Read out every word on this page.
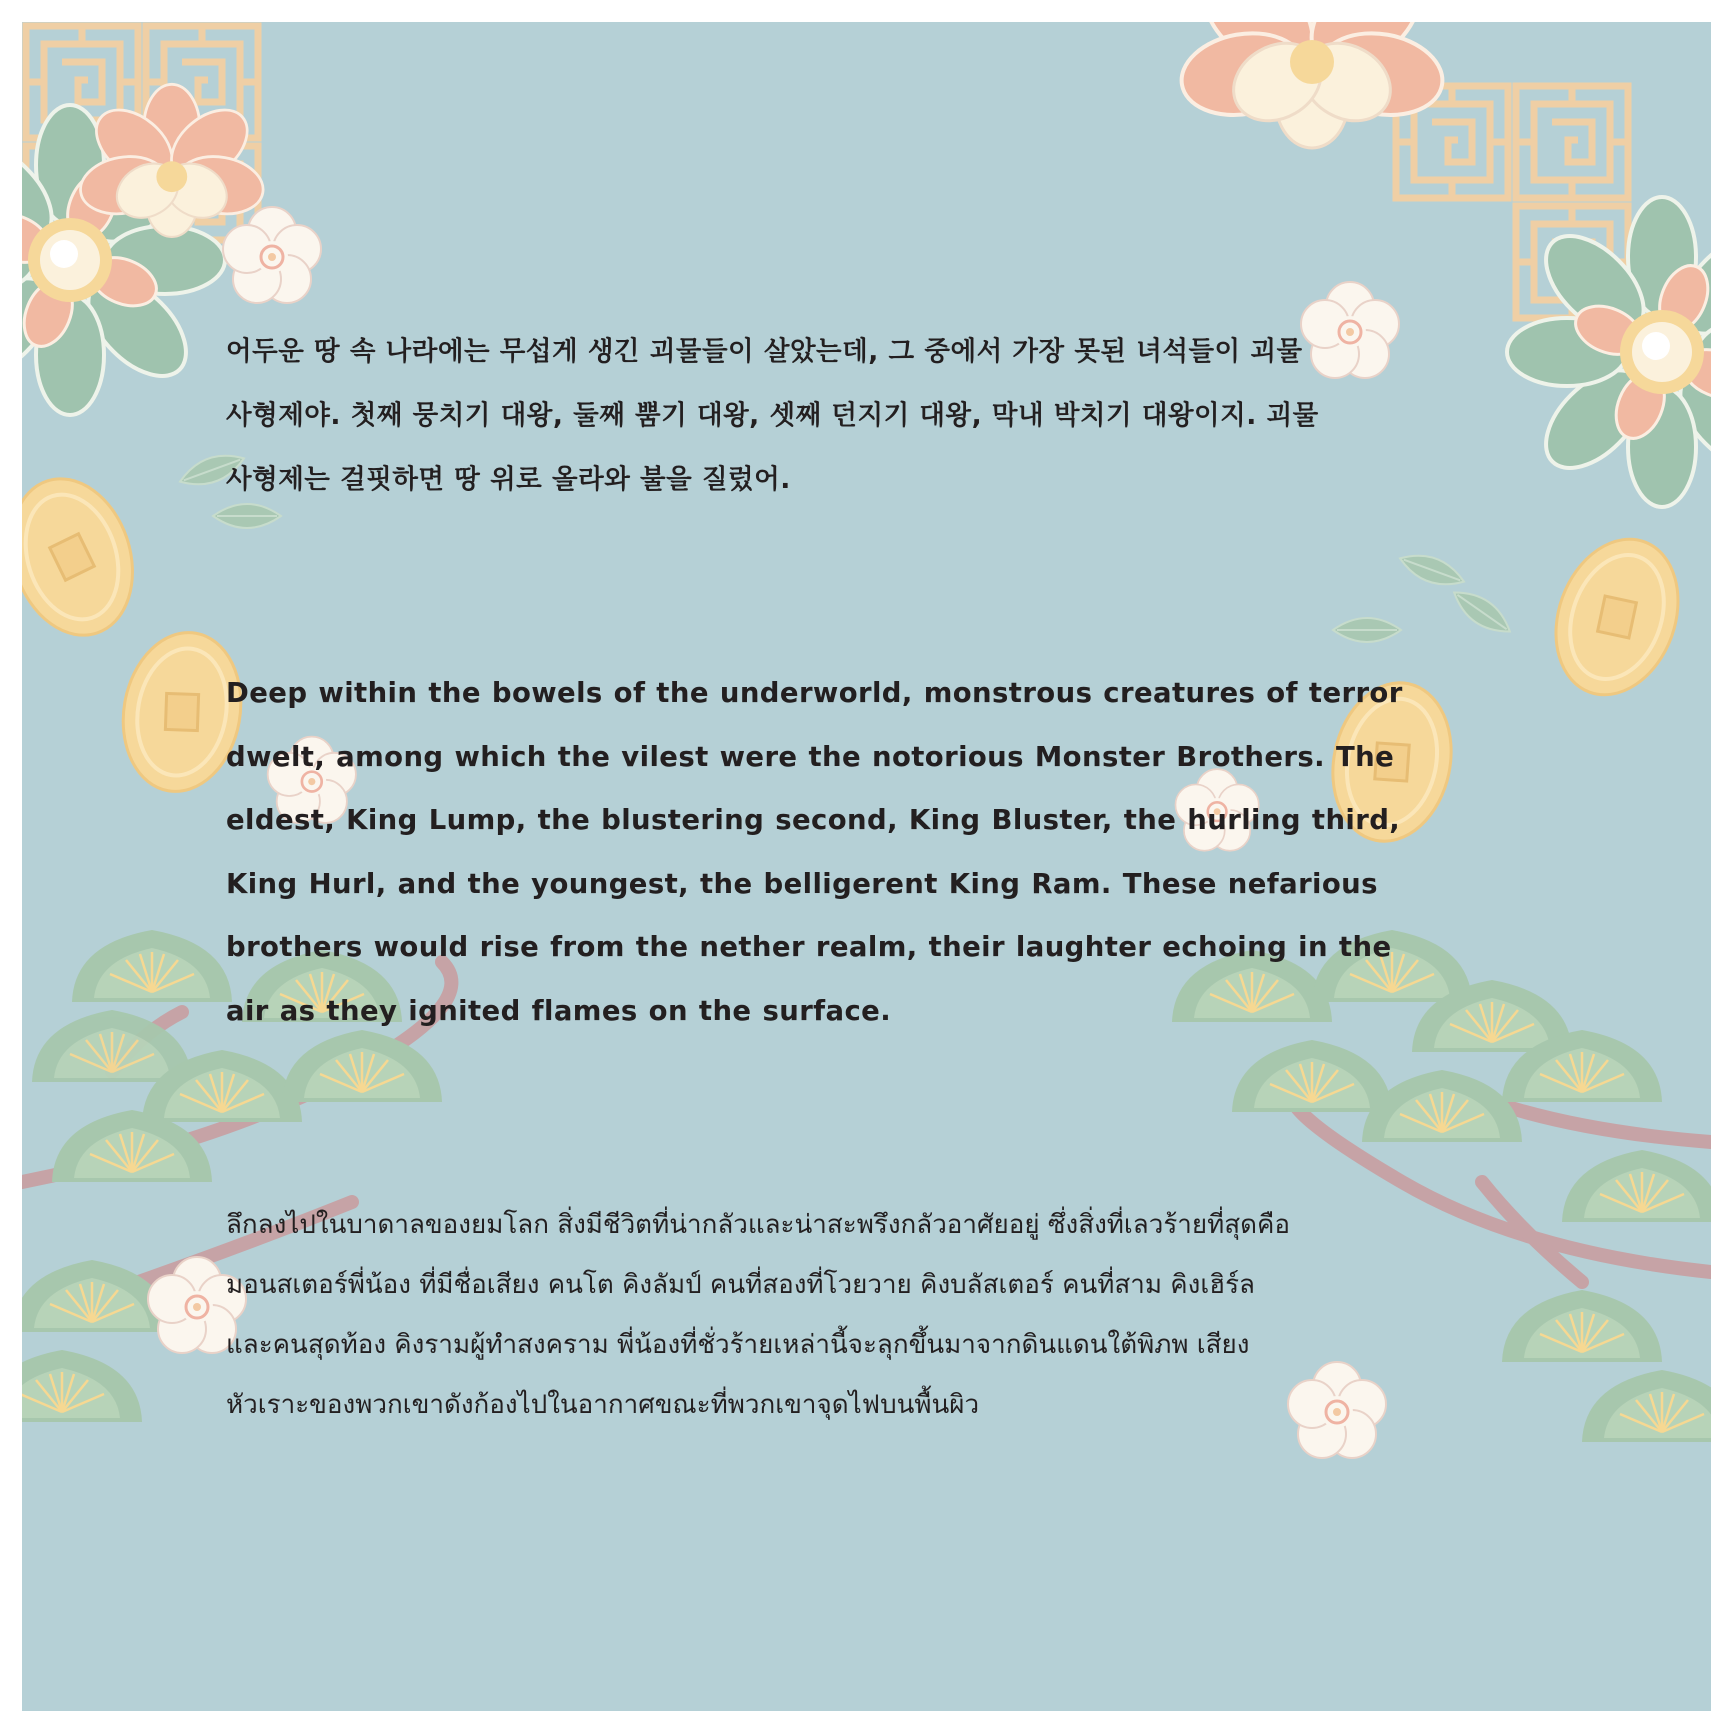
어두운 땅 속 나라에는 무섭게 생긴 괴물들이 살았는데, 그 중에서 가장 못된 녀석들이 괴물
사형제야. 첫째 뭉치기 대왕, 둘째 뿜기 대왕, 셋째 던지기 대왕, 막내 박치기 대왕이지. 괴물
사형제는 걸핏하면 땅 위로 올라와 불을 질렀어.
Deep within the bowels of the underworld, monstrous creatures of terror
dwelt, among which the vilest were the notorious Monster Brothers. The
eldest, King Lump, the blustering second, King Bluster, the hurling third,
King Hurl, and the youngest, the belligerent King Ram. These nefarious
brothers would rise from the nether realm, their laughter echoing in the
air as they ignited flames on the surface.
ลึกลงไปในบาดาลของยมโลก สิ่งมีชีวิตที่น่ากลัวและน่าสะพรึงกลัวอาศัยอยู่ ซึ่งสิ่งที่เลวร้ายที่สุดคือ
มอนสเตอร์พี่น้อง ที่มีชื่อเสียง คนโต คิงลัมป์ คนที่สองที่โวยวาย คิงบลัสเตอร์ คนที่สาม คิงเฮิร์ล
และคนสุดท้อง คิงรามผู้ทำสงคราม พี่น้องที่ชั่วร้ายเหล่านี้จะลุกขึ้นมาจากดินแดนใต้พิภพ เสียง
หัวเราะของพวกเขาดังก้องไปในอากาศขณะที่พวกเขาจุดไฟบนพื้นผิว
